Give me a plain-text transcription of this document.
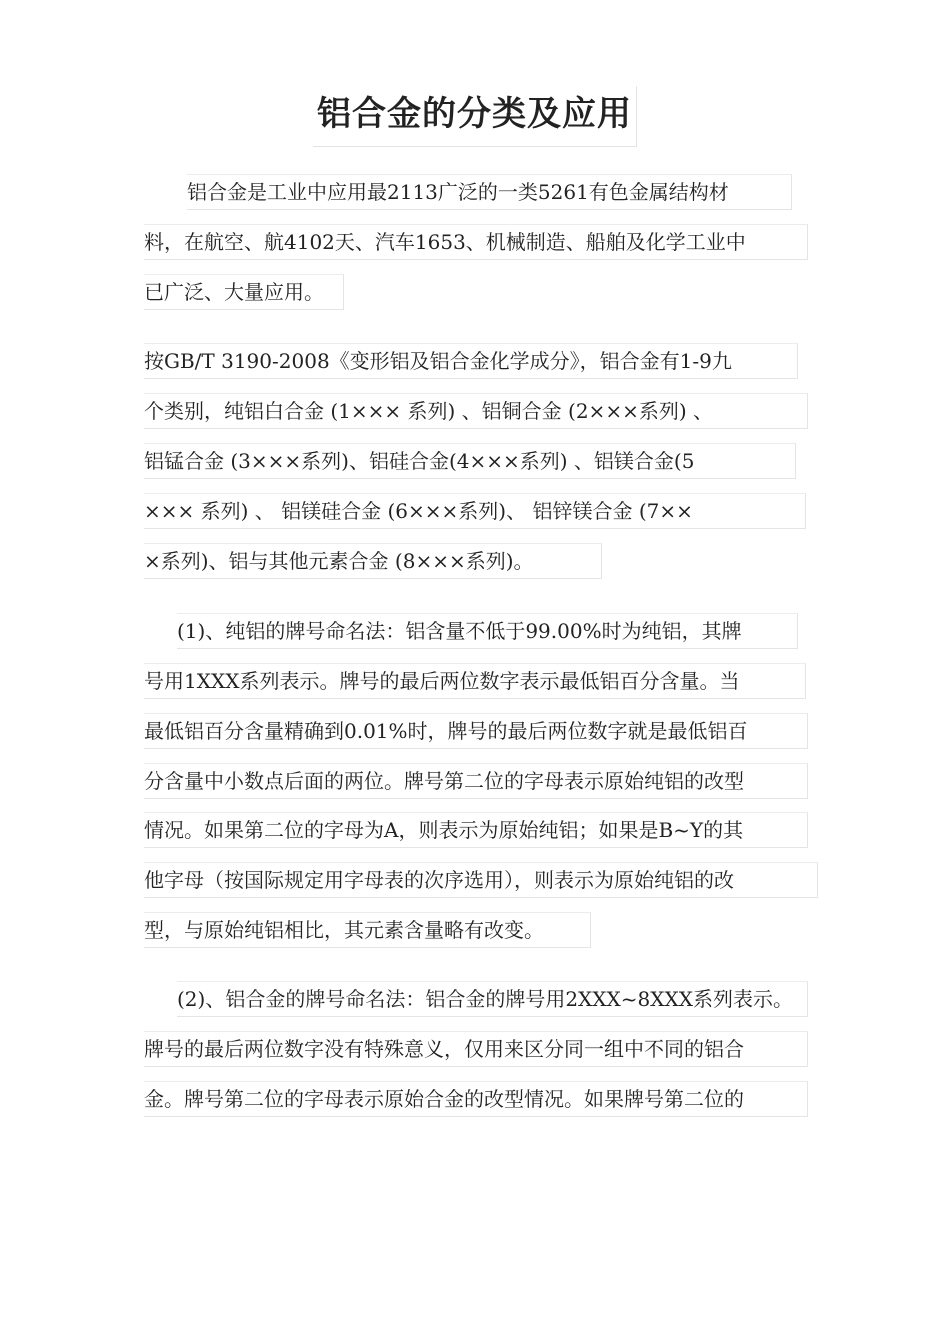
铝合金的分类及应用
铝合金是工业中应用最2113广泛的一类5261有色金属结构材
料，在航空、航4102天、汽车1653、机械制造、船舶及化学工业中
已广泛、大量应用。
按GB/T 3190-2008《变形铝及铝合金化学成分》，铝合金有1-9九
个类别，纯铝白合金 (1××× 系列) 、铝铜合金 (2×××系列) 、
铝锰合金 (3×××系列)、铝硅合金(4×××系列) 、铝镁合金(5
××× 系列) 、 铝镁硅合金 (6×××系列)、 铝锌镁合金 (7××
×系列)、铝与其他元素合金 (8×××系列)。
(1)、纯铝的牌号命名法：铝含量不低于99.00%时为纯铝，其牌
号用1XXX系列表示。牌号的最后两位数字表示最低铝百分含量。当
最低铝百分含量精确到0.01%时，牌号的最后两位数字就是最低铝百
分含量中小数点后面的两位。牌号第二位的字母表示原始纯铝的改型
情况。如果第二位的字母为A，则表示为原始纯铝；如果是B~Y的其
他字母（按国际规定用字母表的次序选用），则表示为原始纯铝的改
型，与原始纯铝相比，其元素含量略有改变。
(2)、铝合金的牌号命名法：铝合金的牌号用2XXX~8XXX系列表示。
牌号的最后两位数字没有特殊意义，仅用来区分同一组中不同的铝合
金。牌号第二位的字母表示原始合金的改型情况。如果牌号第二位的
